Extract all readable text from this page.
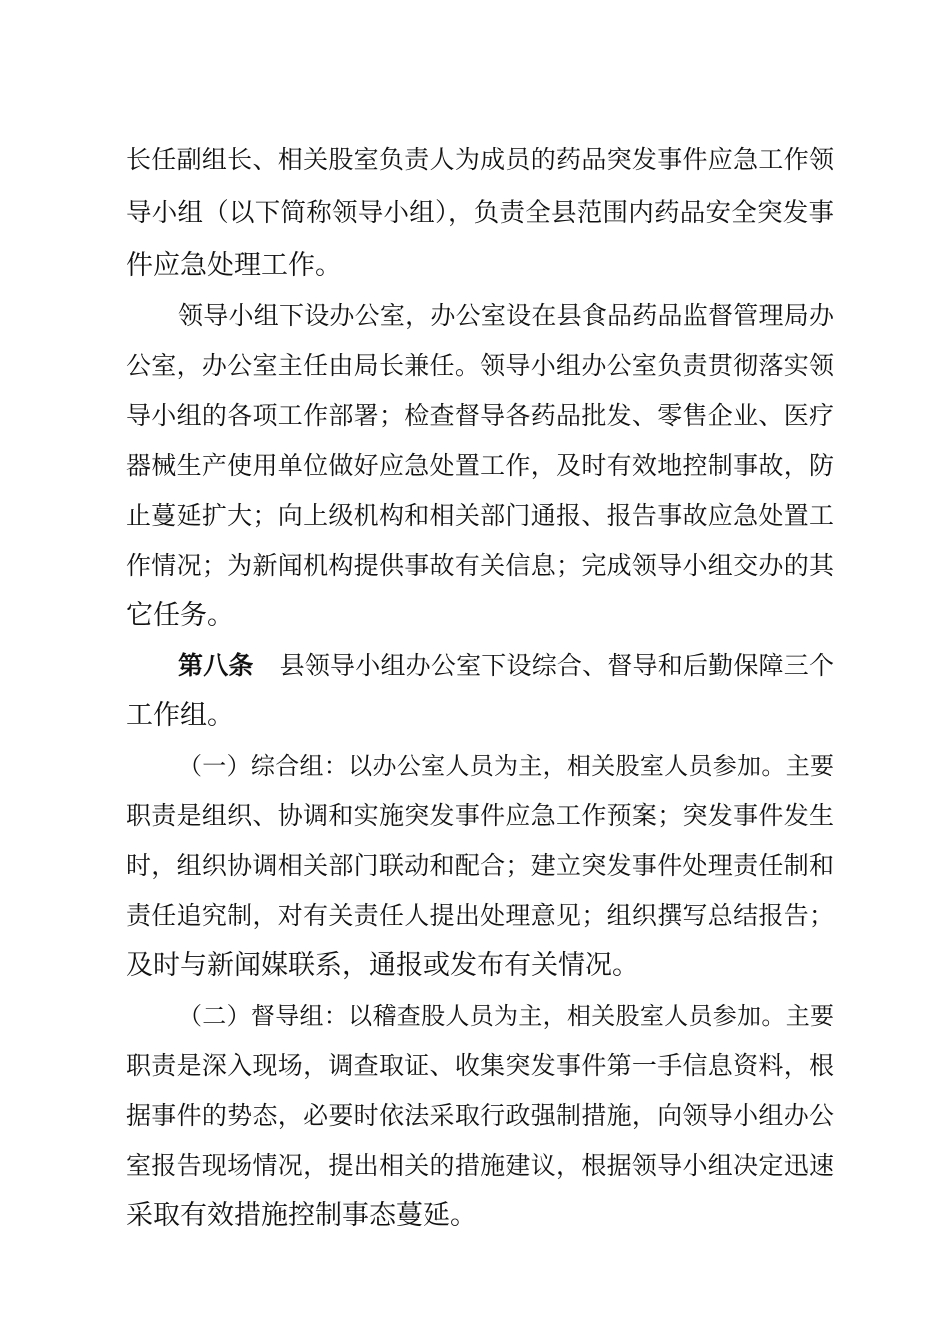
长任副组长、相关股室负责人为成员的药品突发事件应急工作领
导小组（以下简称领导小组），负责全县范围内药品安全突发事
件应急处理工作。
领导小组下设办公室，办公室设在县食品药品监督管理局办
公室，办公室主任由局长兼任。领导小组办公室负责贯彻落实领
导小组的各项工作部署；检查督导各药品批发、零售企业、医疗
器械生产使用单位做好应急处置工作，及时有效地控制事故，防
止蔓延扩大；向上级机构和相关部门通报、报告事故应急处置工
作情况；为新闻机构提供事故有关信息；完成领导小组交办的其
它任务。
第八条 县领导小组办公室下设综合、督导和后勤保障三个
工作组。
（一）综合组：以办公室人员为主，相关股室人员参加。主要
职责是组织、协调和实施突发事件应急工作预案；突发事件发生
时，组织协调相关部门联动和配合；建立突发事件处理责任制和
责任追究制，对有关责任人提出处理意见；组织撰写总结报告；
及时与新闻媒联系，通报或发布有关情况。
（二）督导组：以稽查股人员为主，相关股室人员参加。主要
职责是深入现场，调查取证、收集突发事件第一手信息资料，根
据事件的势态，必要时依法采取行政强制措施，向领导小组办公
室报告现场情况，提出相关的措施建议，根据领导小组决定迅速
采取有效措施控制事态蔓延。
